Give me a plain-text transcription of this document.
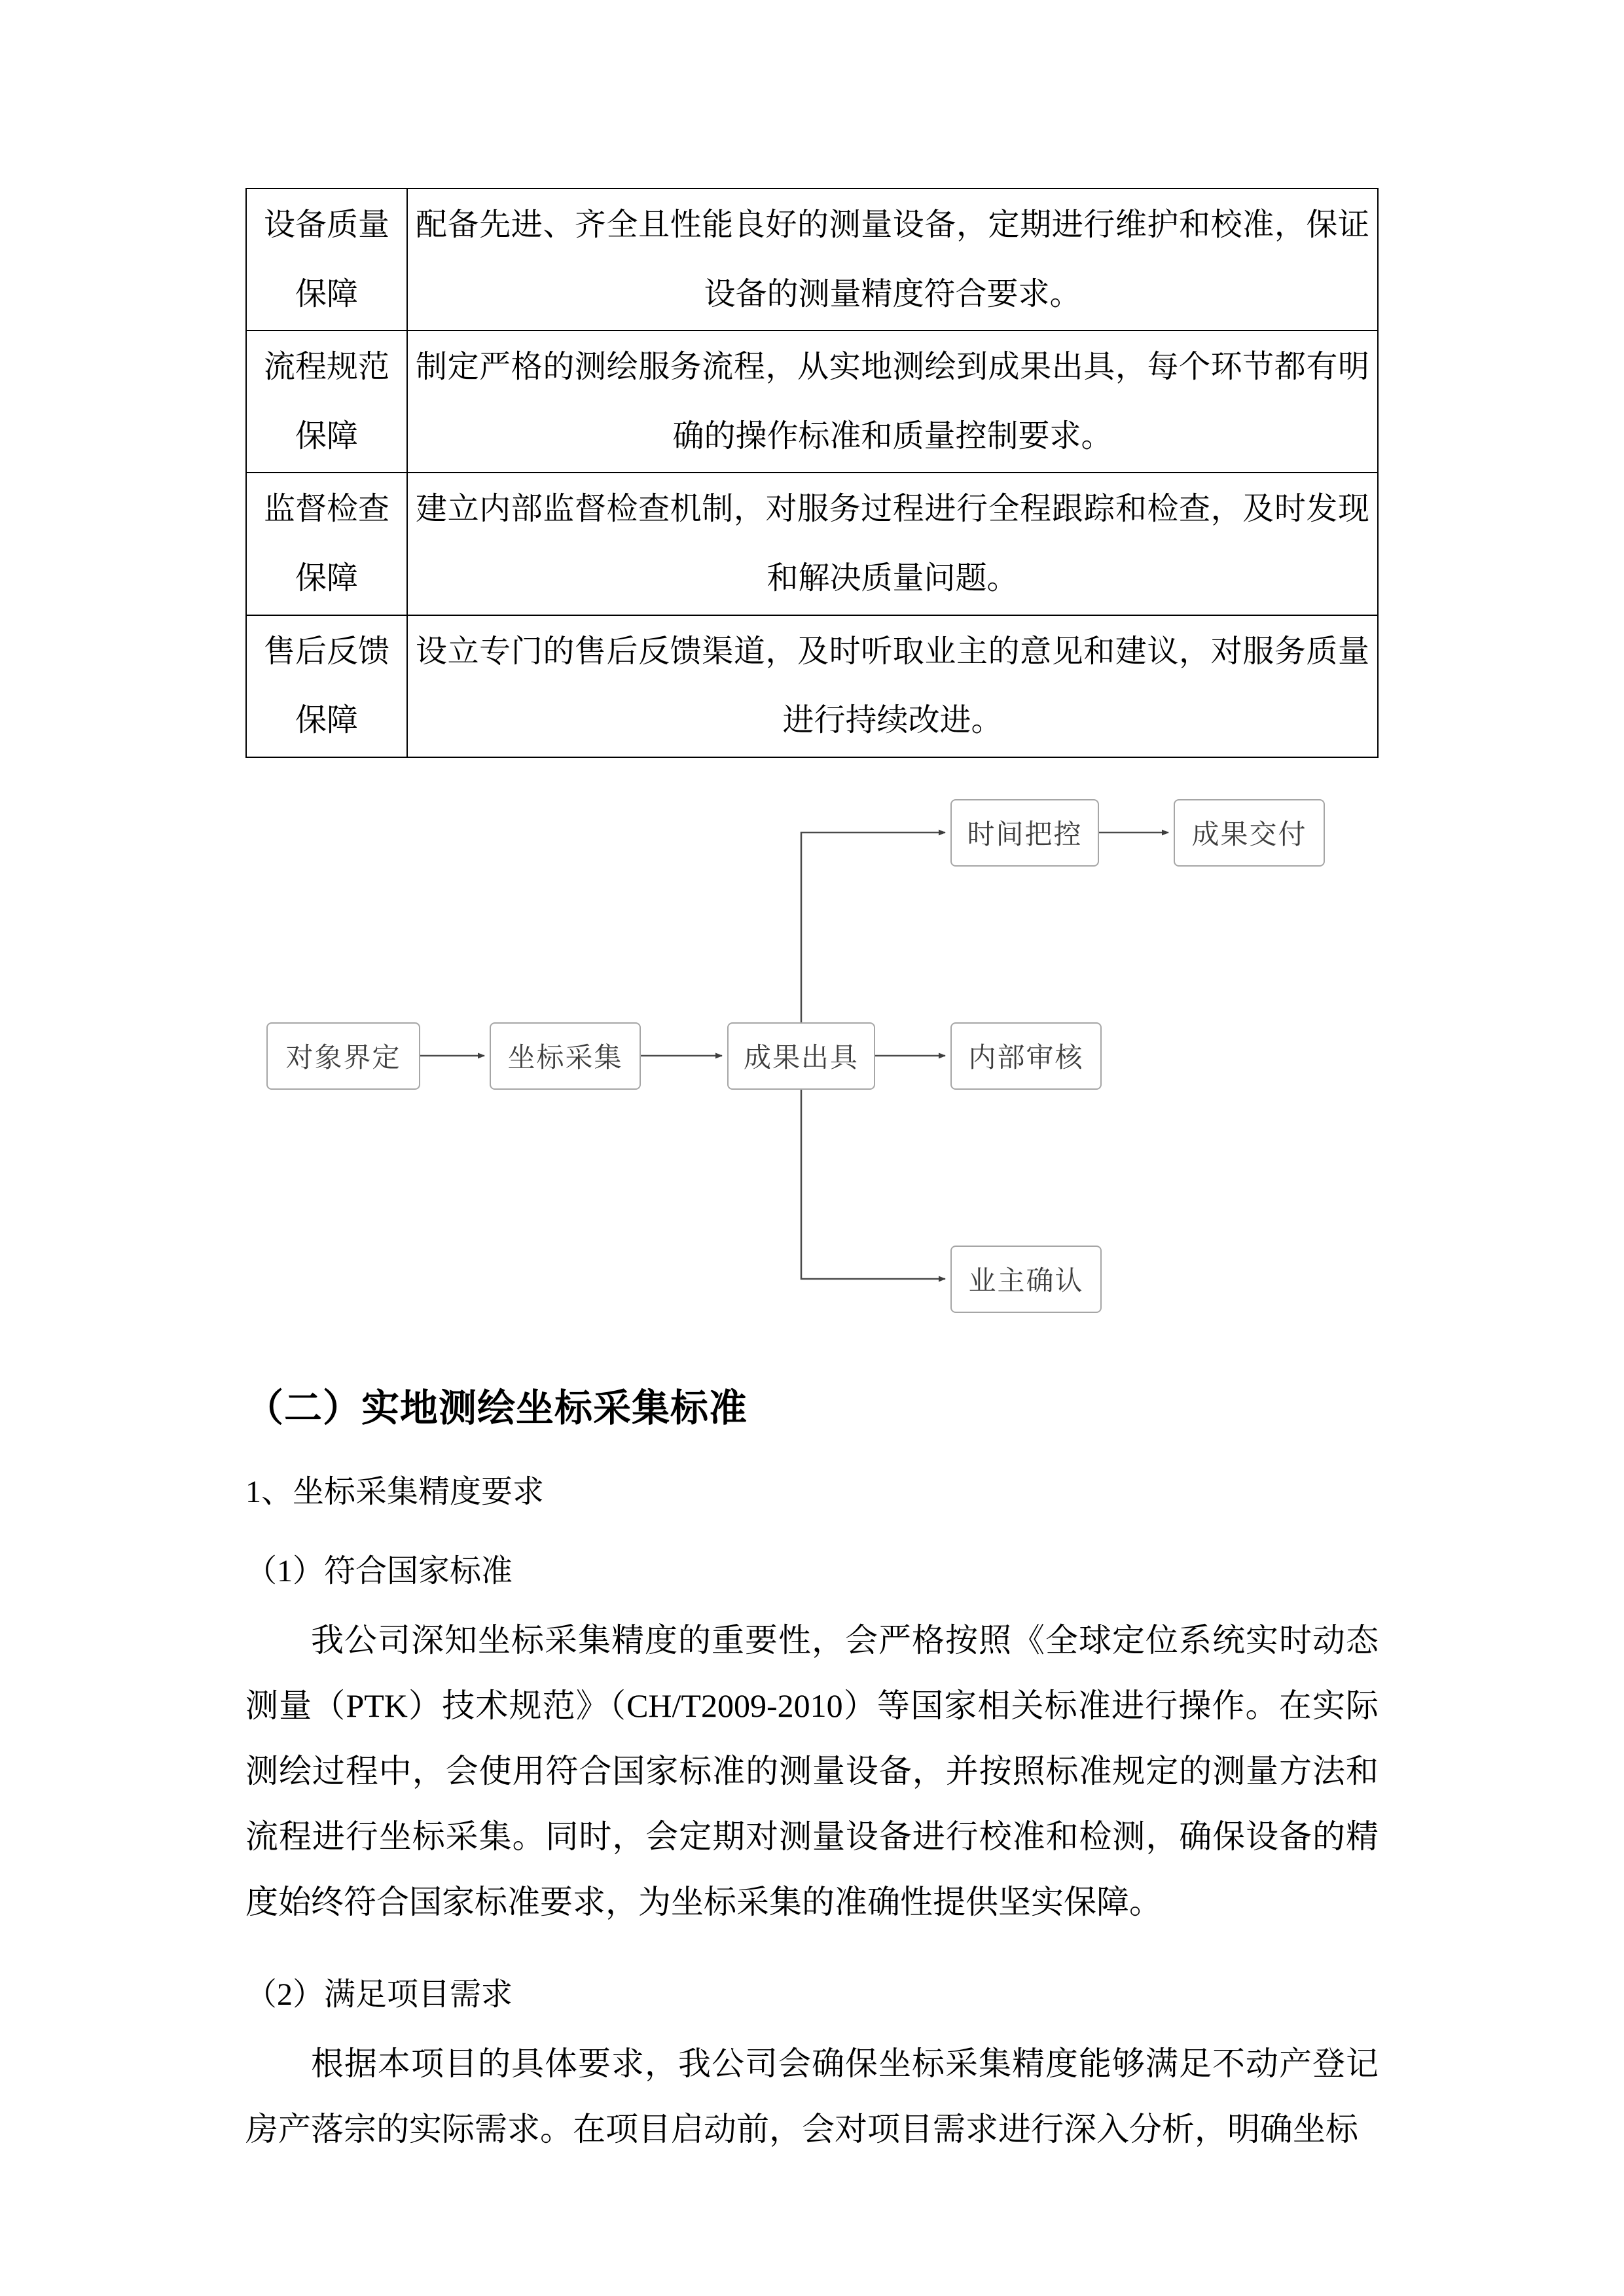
设备质量保障	配备先进、齐全且性能良好的测量设备，定期进行维护和校准，保证设备的测量精度符合要求。
流程规范保障	制定严格的测绘服务流程，从实地测绘到成果出具，每个环节都有明确的操作标准和质量控制要求。
监督检查保障	建立内部监督检查机制，对服务过程进行全程跟踪和检查，及时发现和解决质量问题。
售后反馈保障	设立专门的售后反馈渠道，及时听取业主的意见和建议，对服务质量进行持续改进。
时间把控	成果交付
对象界定	坐标采集	成果出具	内部审核
业主确认
（二）实地测绘坐标采集标准
1、坐标采集精度要求
（1）符合国家标准

我公司深知坐标采集精度的重要性，会严格按照《全球定位系统实时动态测量（PTK）技术规范》（CH/T2009-2010）等国家相关标准进行操作。在实际测绘过程中，会使用符合国家标准的测量设备，并按照标准规定的测量方法和流程进行坐标采集。同时，会定期对测量设备进行校准和检测，确保设备的精度始终符合国家标准要求，为坐标采集的准确性提供坚实保障。

（2）满足项目需求

根据本项目的具体要求，我公司会确保坐标采集精度能够满足不动产登记房产落宗的实际需求。在项目启动前，会对项目需求进行深入分析，明确坐标
